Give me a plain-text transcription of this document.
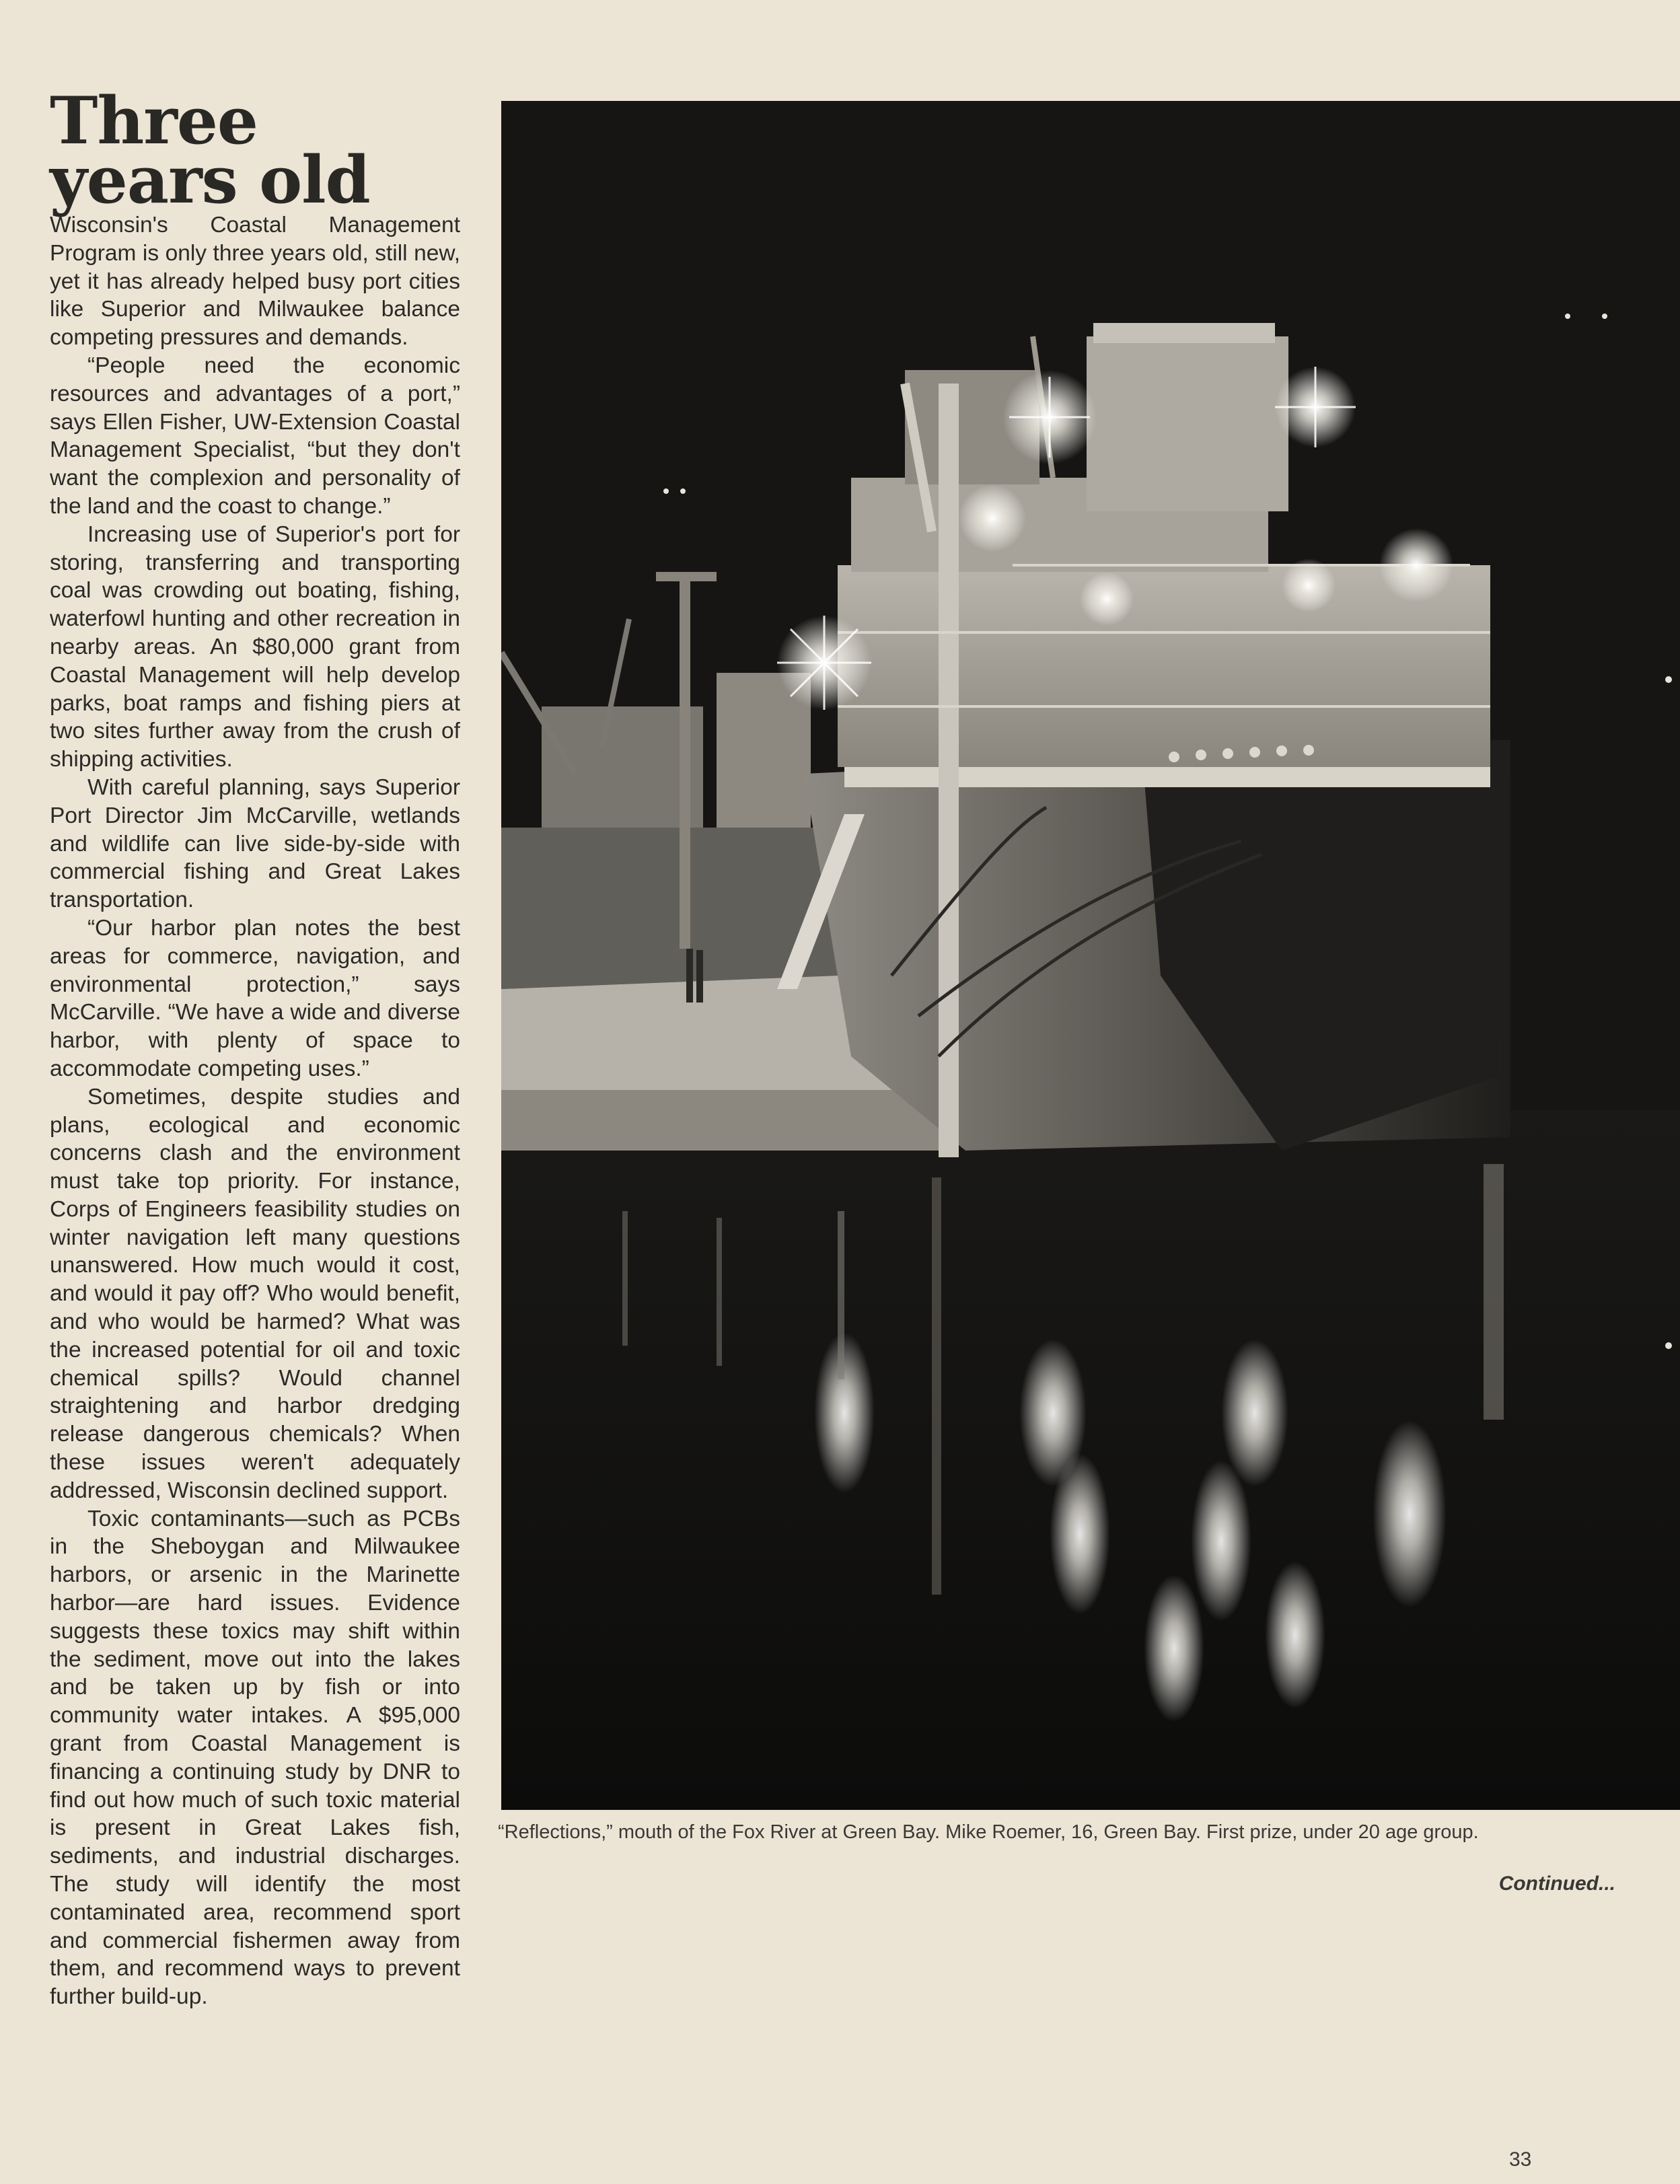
Three
years old

Wisconsin's Coastal Management Program is only three years old, still new, yet it has already helped busy port cities like Superior and Milwaukee balance competing pressures and demands.

“People need the economic resources and advantages of a port,” says Ellen Fisher, UW-Extension Coastal Management Specialist, “but they don't want the complexion and personality of the land and the coast to change.”

Increasing use of Superior's port for storing, transferring and transporting coal was crowding out boating, fishing, waterfowl hunting and other recreation in nearby areas. An $80,000 grant from Coastal Management will help develop parks, boat ramps and fishing piers at two sites further away from the crush of shipping activities.

With careful planning, says Superior Port Director Jim McCarville, wetlands and wildlife can live side-by-side with commercial fishing and Great Lakes transportation.

“Our harbor plan notes the best areas for commerce, navigation, and environmental protection,” says McCarville. “We have a wide and diverse harbor, with plenty of space to accommodate competing uses.”

Sometimes, despite studies and plans, ecological and economic concerns clash and the environment must take top priority. For instance, Corps of Engineers feasibility studies on winter navigation left many questions unanswered. How much would it cost, and would it pay off? Who would benefit, and who would be harmed? What was the increased potential for oil and toxic chemical spills? Would channel straightening and harbor dredging release dangerous chemicals? When these issues weren't adequately addressed, Wisconsin declined support.

Toxic contaminants—such as PCBs in the Sheboygan and Milwaukee harbors, or arsenic in the Marinette harbor—are hard issues. Evidence suggests these toxics may shift within the sediment, move out into the lakes and be taken up by fish or into community water intakes. A $95,000 grant from Coastal Management is financing a continuing study by DNR to find out how much of such toxic material is present in Great Lakes fish, sediments, and industrial discharges. The study will identify the most contaminated area, recommend sport and commercial fishermen away from them, and recommend ways to prevent further build-up.

“Reflections,” mouth of the Fox River at Green Bay. Mike Roemer, 16, Green Bay. First prize, under 20 age group.
Continued...
33
